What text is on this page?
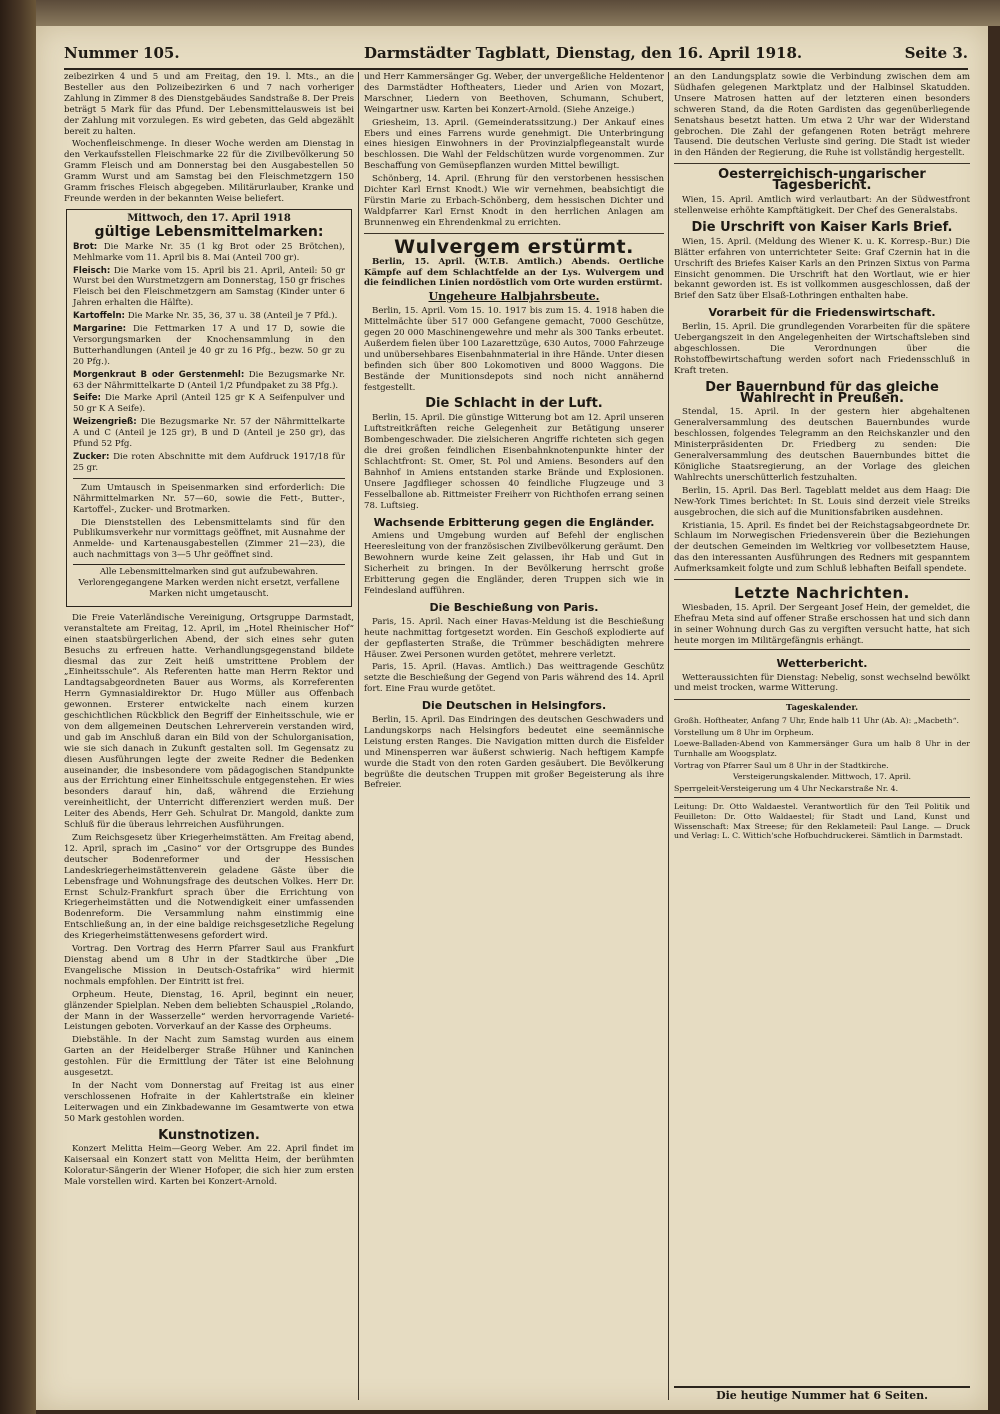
Nummer 105.	Darmstädter Tagblatt, Dienstag, den 16. April 1918.	Seite 3.

zeibezirken 4 und 5 und am Freitag, den 19. l. Mts., an die Besteller aus den Polizeibezirken 6 und 7 nach vorheriger Zahlung in Zimmer 8 des Dienstgebäudes Sandstraße 8. Der Preis beträgt 5 Mark für das Pfund. Der Lebensmittelausweis ist bei der Zahlung mit vorzulegen. Es wird gebeten, das Geld abgezählt bereit zu halten.

Wochenfleischmenge. In dieser Woche werden am Dienstag in den Verkaufsstellen Fleischmarke 22 für die Zivilbevölkerung 50 Gramm Fleisch und am Donnerstag bei den Ausgabestellen 50 Gramm Wurst und am Samstag bei den Fleischmetzgern 150 Gramm frisches Fleisch abgegeben. Militärurlauber, Kranke und Freunde werden in der bekannten Weise beliefert.

Mittwoch, den 17. April 1918

gültige Lebensmittelmarken:

Brot: Die Marke Nr. 35 (1 kg Brot oder 25 Brötchen), Mehlmarke vom 11. April bis 8. Mai (Anteil 700 gr).

Fleisch: Die Marke vom 15. April bis 21. April, Anteil: 50 gr Wurst bei den Wurstmetzgern am Donnerstag, 150 gr frisches Fleisch bei den Fleischmetzgern am Samstag (Kinder unter 6 Jahren erhalten die Hälfte).

Kartoffeln: Die Marke Nr. 35, 36, 37 u. 38 (Anteil je 7 Pfd.).

Margarine: Die Fettmarken 17 A und 17 D, sowie die Versorgungsmarken der Knochensammlung in den Butterhandlungen (Anteil je 40 gr zu 16 Pfg., bezw. 50 gr zu 20 Pfg.).

Morgenkraut B oder Gerstenmehl: Die Bezugsmarke Nr. 63 der Nährmittelkarte D (Anteil 1/2 Pfundpaket zu 38 Pfg.).

Seife: Die Marke April (Anteil 125 gr K A Seifenpulver und 50 gr K A Seife).

Weizengrieß: Die Bezugsmarke Nr. 57 der Nährmittelkarte A und C (Anteil je 125 gr), B und D (Anteil je 250 gr), das Pfund 52 Pfg.

Zucker: Die roten Abschnitte mit dem Aufdruck 1917/18 für 25 gr.

Zum Umtausch in Speisenmarken sind erforderlich: Die Nährmittelmarken Nr. 57—60, sowie die Fett-, Butter-, Kartoffel-, Zucker- und Brotmarken.

Die Dienststellen des Lebensmittelamts sind für den Publikumsverkehr nur vormittags geöffnet, mit Ausnahme der Anmelde- und Kartenausgabestellen (Zimmer 21—23), die auch nachmittags von 3—5 Uhr geöffnet sind.

Alle Lebensmittelmarken sind gut aufzubewahren. Verlorengegangene Marken werden nicht ersetzt, verfallene Marken nicht umgetauscht.

Die Freie Vaterländische Vereinigung, Ortsgruppe Darmstadt, veranstaltete am Freitag, 12. April, im „Hotel Rheinischer Hof“ einen staatsbürgerlichen Abend, der sich eines sehr guten Besuchs zu erfreuen hatte. Verhandlungsgegenstand bildete diesmal das zur Zeit heiß umstrittene Problem der „Einheitsschule“. Als Referenten hatte man Herrn Rektor und Landtagsabgeordneten Bauer aus Worms, als Korreferenten Herrn Gymnasialdirektor Dr. Hugo Müller aus Offenbach gewonnen. Ersterer entwickelte nach einem kurzen geschichtlichen Rückblick den Begriff der Einheitsschule, wie er von dem allgemeinen Deutschen Lehrerverein verstanden wird, und gab im Anschluß daran ein Bild von der Schulorganisation, wie sie sich danach in Zukunft gestalten soll. Im Gegensatz zu diesen Ausführungen legte der zweite Redner die Bedenken auseinander, die insbesondere vom pädagogischen Standpunkte aus der Errichtung einer Einheitsschule entgegenstehen. Er wies besonders darauf hin, daß, während die Erziehung vereinheitlicht, der Unterricht differenziert werden muß. Der Leiter des Abends, Herr Geh. Schulrat Dr. Mangold, dankte zum Schluß für die überaus lehrreichen Ausführungen.

Zum Reichsgesetz über Kriegerheimstätten. Am Freitag abend, 12. April, sprach im „Casino“ vor der Ortsgruppe des Bundes deutscher Bodenreformer und der Hessischen Landeskriegerheimstättenverein geladene Gäste über die Lebensfrage und Wohnungsfrage des deutschen Volkes. Herr Dr. Ernst Schulz-Frankfurt sprach über die Errichtung von Kriegerheimstätten und die Notwendigkeit einer umfassenden Bodenreform. Die Versammlung nahm einstimmig eine Entschließung an, in der eine baldige reichsgesetzliche Regelung des Kriegerheimstättenwesens gefordert wird.

Vortrag. Den Vortrag des Herrn Pfarrer Saul aus Frankfurt Dienstag abend um 8 Uhr in der Stadtkirche über „Die Evangelische Mission in Deutsch-Ostafrika“ wird hiermit nochmals empfohlen. Der Eintritt ist frei.

Orpheum. Heute, Dienstag, 16. April, beginnt ein neuer, glänzender Spielplan. Neben dem beliebten Schauspiel „Rolando, der Mann in der Wasserzelle“ werden hervorragende Varieté-Leistungen geboten. Vorverkauf an der Kasse des Orpheums.

Diebstähle. In der Nacht zum Samstag wurden aus einem Garten an der Heidelberger Straße Hühner und Kaninchen gestohlen. Für die Ermittlung der Täter ist eine Belohnung ausgesetzt.

In der Nacht vom Donnerstag auf Freitag ist aus einer verschlossenen Hofraite in der Kahlertstraße ein kleiner Leiterwagen und ein Zinkbadewanne im Gesamtwerte von etwa 50 Mark gestohlen worden.

Kunstnotizen.

Konzert Melitta Heim—Georg Weber. Am 22. April findet im Kaisersaal ein Konzert statt von Melitta Heim, der berühmten Koloratur-Sängerin der Wiener Hofoper, die sich hier zum ersten Male vorstellen wird. Karten bei Konzert-Arnold.

und Herr Kammersänger Gg. Weber, der unvergeßliche Heldentenor des Darmstädter Hoftheaters, Lieder und Arien von Mozart, Marschner, Liedern von Beethoven, Schumann, Schubert, Weingartner usw. Karten bei Konzert-Arnold. (Siehe Anzeige.)

Griesheim, 13. April. (Gemeinderatssitzung.) Der Ankauf eines Ebers und eines Farrens wurde genehmigt. Die Unterbringung eines hiesigen Einwohners in der Provinzialpflegeanstalt wurde beschlossen. Die Wahl der Feldschützen wurde vorgenommen. Zur Beschaffung von Gemüsepflanzen wurden Mittel bewilligt.

Schönberg, 14. April. (Ehrung für den verstorbenen hessischen Dichter Karl Ernst Knodt.) Wie wir vernehmen, beabsichtigt die Fürstin Marie zu Erbach-Schönberg, dem hessischen Dichter und Waldpfarrer Karl Ernst Knodt in den herrlichen Anlagen am Brunnenweg ein Ehrendenkmal zu errichten.

Wulvergem erstürmt.

Berlin, 15. April. (W.T.B. Amtlich.) Abends. Oertliche Kämpfe auf dem Schlachtfelde an der Lys. Wulvergem und die feindlichen Linien nordöstlich vom Orte wurden erstürmt.

Ungeheure Halbjahrsbeute.

Berlin, 15. April. Vom 15. 10. 1917 bis zum 15. 4. 1918 haben die Mittelmächte über 517 000 Gefangene gemacht, 7000 Geschütze, gegen 20 000 Maschinengewehre und mehr als 300 Tanks erbeutet. Außerdem fielen über 100 Lazarettzüge, 630 Autos, 7000 Fahrzeuge und unübersehbares Eisenbahnmaterial in ihre Hände. Unter diesen befinden sich über 800 Lokomotiven und 8000 Waggons. Die Bestände der Munitionsdepots sind noch nicht annähernd festgestellt.

Die Schlacht in der Luft.

Berlin, 15. April. Die günstige Witterung bot am 12. April unseren Luftstreitkräften reiche Gelegenheit zur Betätigung unserer Bombengeschwader. Die zielsicheren Angriffe richteten sich gegen die drei großen feindlichen Eisenbahnknotenpunkte hinter der Schlachtfront: St. Omer, St. Pol und Amiens. Besonders auf den Bahnhof in Amiens entstanden starke Brände und Explosionen. Unsere Jagdflieger schossen 40 feindliche Flugzeuge und 3 Fesselballone ab. Rittmeister Freiherr von Richthofen errang seinen 78. Luftsieg.

Wachsende Erbitterung gegen die Engländer.

Amiens und Umgebung wurden auf Befehl der englischen Heeresleitung von der französischen Zivilbevölkerung geräumt. Den Bewohnern wurde keine Zeit gelassen, ihr Hab und Gut in Sicherheit zu bringen. In der Bevölkerung herrscht große Erbitterung gegen die Engländer, deren Truppen sich wie in Feindesland aufführen.

Die Beschießung von Paris.

Paris, 15. April. Nach einer Havas-Meldung ist die Beschießung heute nachmittag fortgesetzt worden. Ein Geschoß explodierte auf der gepflasterten Straße, die Trümmer beschädigten mehrere Häuser. Zwei Personen wurden getötet, mehrere verletzt.

Paris, 15. April. (Havas. Amtlich.) Das weittragende Geschütz setzte die Beschießung der Gegend von Paris während des 14. April fort. Eine Frau wurde getötet.

Die Deutschen in Helsingfors.

Berlin, 15. April. Das Eindringen des deutschen Geschwaders und Landungskorps nach Helsingfors bedeutet eine seemännische Leistung ersten Ranges. Die Navigation mitten durch die Eisfelder und Minensperren war äußerst schwierig. Nach heftigem Kampfe wurde die Stadt von den roten Garden gesäubert. Die Bevölkerung begrüßte die deutschen Truppen mit großer Begeisterung als ihre Befreier.

an den Landungsplatz sowie die Verbindung zwischen dem am Südhafen gelegenen Marktplatz und der Halbinsel Skatudden. Unsere Matrosen hatten auf der letzteren einen besonders schweren Stand, da die Roten Gardisten das gegenüberliegende Senatshaus besetzt hatten. Um etwa 2 Uhr war der Widerstand gebrochen. Die Zahl der gefangenen Roten beträgt mehrere Tausend. Die deutschen Verluste sind gering. Die Stadt ist wieder in den Händen der Regierung, die Ruhe ist vollständig hergestellt.

Oesterreichisch-ungarischer Tagesbericht.

Wien, 15. April. Amtlich wird verlautbart: An der Südwestfront stellenweise erhöhte Kampftätigkeit. Der Chef des Generalstabs.

Die Urschrift von Kaiser Karls Brief.

Wien, 15. April. (Meldung des Wiener K. u. K. Korresp.-Bur.) Die Blätter erfahren von unterrichteter Seite: Graf Czernin hat in die Urschrift des Briefes Kaiser Karls an den Prinzen Sixtus von Parma Einsicht genommen. Die Urschrift hat den Wortlaut, wie er hier bekannt geworden ist. Es ist vollkommen ausgeschlossen, daß der Brief den Satz über Elsaß-Lothringen enthalten habe.

Vorarbeit für die Friedenswirtschaft.

Berlin, 15. April. Die grundlegenden Vorarbeiten für die spätere Uebergangszeit in den Angelegenheiten der Wirtschaftsleben sind abgeschlossen. Die Verordnungen über die Rohstoffbewirtschaftung werden sofort nach Friedensschluß in Kraft treten.

Der Bauernbund für das gleiche Wahlrecht in Preußen.

Stendal, 15. April. In der gestern hier abgehaltenen Generalversammlung des deutschen Bauernbundes wurde beschlossen, folgendes Telegramm an den Reichskanzler und den Ministerpräsidenten Dr. Friedberg zu senden: Die Generalversammlung des deutschen Bauernbundes bittet die Königliche Staatsregierung, an der Vorlage des gleichen Wahlrechts unerschütterlich festzuhalten.

Berlin, 15. April. Das Berl. Tageblatt meldet aus dem Haag: Die New-York Times berichtet: In St. Louis sind derzeit viele Streiks ausgebrochen, die sich auf die Munitionsfabriken ausdehnen.

Kristiania, 15. April. Es findet bei der Reichstagsabgeordnete Dr. Schlaum im Norwegischen Friedensverein über die Beziehungen der deutschen Gemeinden im Weltkrieg vor vollbesetztem Hause, das den interessanten Ausführungen des Redners mit gespanntem Aufmerksamkeit folgte und zum Schluß lebhaften Beifall spendete.

Letzte Nachrichten.

Wiesbaden, 15. April. Der Sergeant Josef Hein, der gemeldet, die Ehefrau Meta sind auf offener Straße erschossen hat und sich dann in seiner Wohnung durch Gas zu vergiften versucht hatte, hat sich heute morgen im Militärgefängnis erhängt.

Wetterbericht.

Wetteraussichten für Dienstag: Nebelig, sonst wechselnd bewölkt und meist trocken, warme Witterung.

Tageskalender.

Großh. Hoftheater, Anfang 7 Uhr, Ende halb 11 Uhr (Ab. A): „Macbeth“.

Vorstellung um 8 Uhr im Orpheum.

Loewe-Balladen-Abend von Kammersänger Gura um halb 8 Uhr in der Turnhalle am Woogsplatz.

Vortrag von Pfarrer Saul um 8 Uhr in der Stadtkirche.

Versteigerungskalender. Mittwoch, 17. April.

Sperrgeleit-Versteigerung um 4 Uhr Neckarstraße Nr. 4.

Leitung: Dr. Otto Waldaestel. Verantwortlich für den Teil Politik und Feuilleton: Dr. Otto Waldaestel; für Stadt und Land, Kunst und Wissenschaft: Max Streese; für den Reklameteil: Paul Lange. — Druck und Verlag: L. C. Wittich'sche Hofbuchdruckerei. Sämtlich in Darmstadt.

Die heutige Nummer hat 6 Seiten.
